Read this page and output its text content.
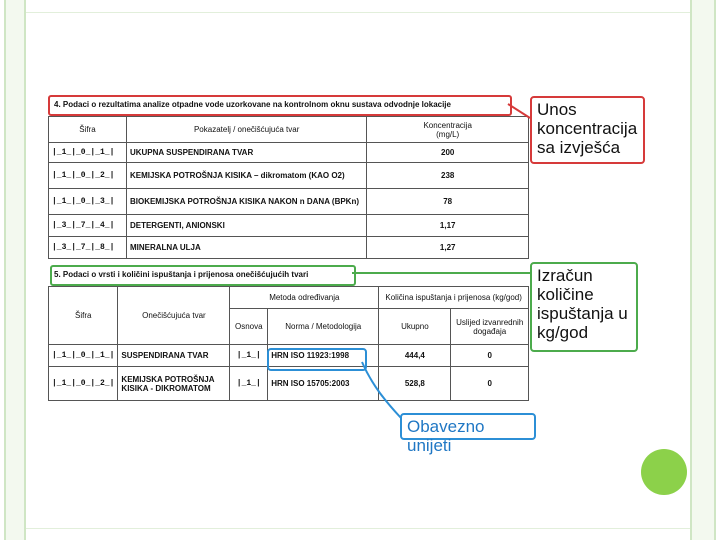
4. Podaci o rezultatima analize otpadne vode uzorkovane na kontrolnom oknu sustava odvodnje lokacije
Šifra	Pokazatelj / onečišćujuća tvar	Koncentracija
(mg/L)
|_1_|_0_|_1_|	UKUPNA SUSPENDIRANA TVAR	200
|_1_|_0_|_2_|	KEMIJSKA POTROŠNJA KISIKA – dikromatom (KAO O2)	238
|_1_|_0_|_3_|	BIOKEMIJSKA POTROŠNJA KISIKA NAKON n DANA (BPKn)	78
|_3_|_7_|_4_|	DETERGENTI, ANIONSKI	1,17
|_3_|_7_|_8_|	MINERALNA ULJA	1,27
5. Podaci o vrsti i količini ispuštanja i prijenosa onečišćujućih tvari
Šifra	Onečišćujuća tvar	Metoda određivanja		Količina ispuštanja i prijenosa (kg/god)	
		Osnova	Norma / Metodologija	Ukupno	Uslijed izvanrednih događaja
|_1_|_0_|_1_|	SUSPENDIRANA TVAR	|_1_|	HRN ISO 11923:1998	444,4	0
|_1_|_0_|_2_|	KEMIJSKA POTROŠNJA KISIKA - DIKROMATOM	|_1_|	HRN ISO 15705:2003	528,8	0
Unos
koncentracija
sa izvješća
Izračun
količine
ispuštanja u
kg/god
Obavezno unijeti
